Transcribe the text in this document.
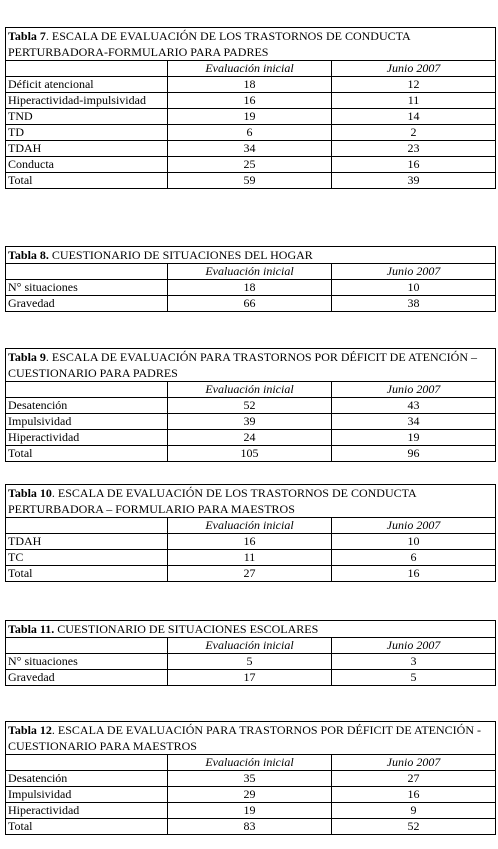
Tabla 7. ESCALA DE EVALUACIÓN DE LOS TRASTORNOS DE CONDUCTA PERTURBADORA-FORMULARIO PARA PADRES		
	Evaluación inicial	Junio 2007
Déficit atencional	18	12
Hiperactividad-impulsividad	16	11
TND	19	14
TD	6	2
TDAH	34	23
Conducta	25	16
Total	59	39
Tabla 8. CUESTIONARIO DE SITUACIONES DEL HOGAR		
	Evaluación inicial	Junio 2007
N° situaciones	18	10
Gravedad	66	38
Tabla 9. ESCALA DE EVALUACIÓN PARA TRASTORNOS POR DÉFICIT DE ATENCIÓN – CUESTIONARIO PARA PADRES		
	Evaluación inicial	Junio 2007
Desatención	52	43
Impulsividad	39	34
Hiperactividad	24	19
Total	105	96
Tabla 10. ESCALA DE EVALUACIÓN DE LOS TRASTORNOS DE CONDUCTA PERTURBADORA – FORMULARIO PARA MAESTROS		
	Evaluación inicial	Junio 2007
TDAH	16	10
TC	11	6
Total	27	16
Tabla 11. CUESTIONARIO DE SITUACIONES ESCOLARES		
	Evaluación inicial	Junio 2007
N° situaciones	5	3
Gravedad	17	5
Tabla 12. ESCALA DE EVALUACIÓN PARA TRASTORNOS POR DÉFICIT DE ATENCIÓN - CUESTIONARIO PARA MAESTROS		
	Evaluación inicial	Junio 2007
Desatención	35	27
Impulsividad	29	16
Hiperactividad	19	9
Total	83	52
